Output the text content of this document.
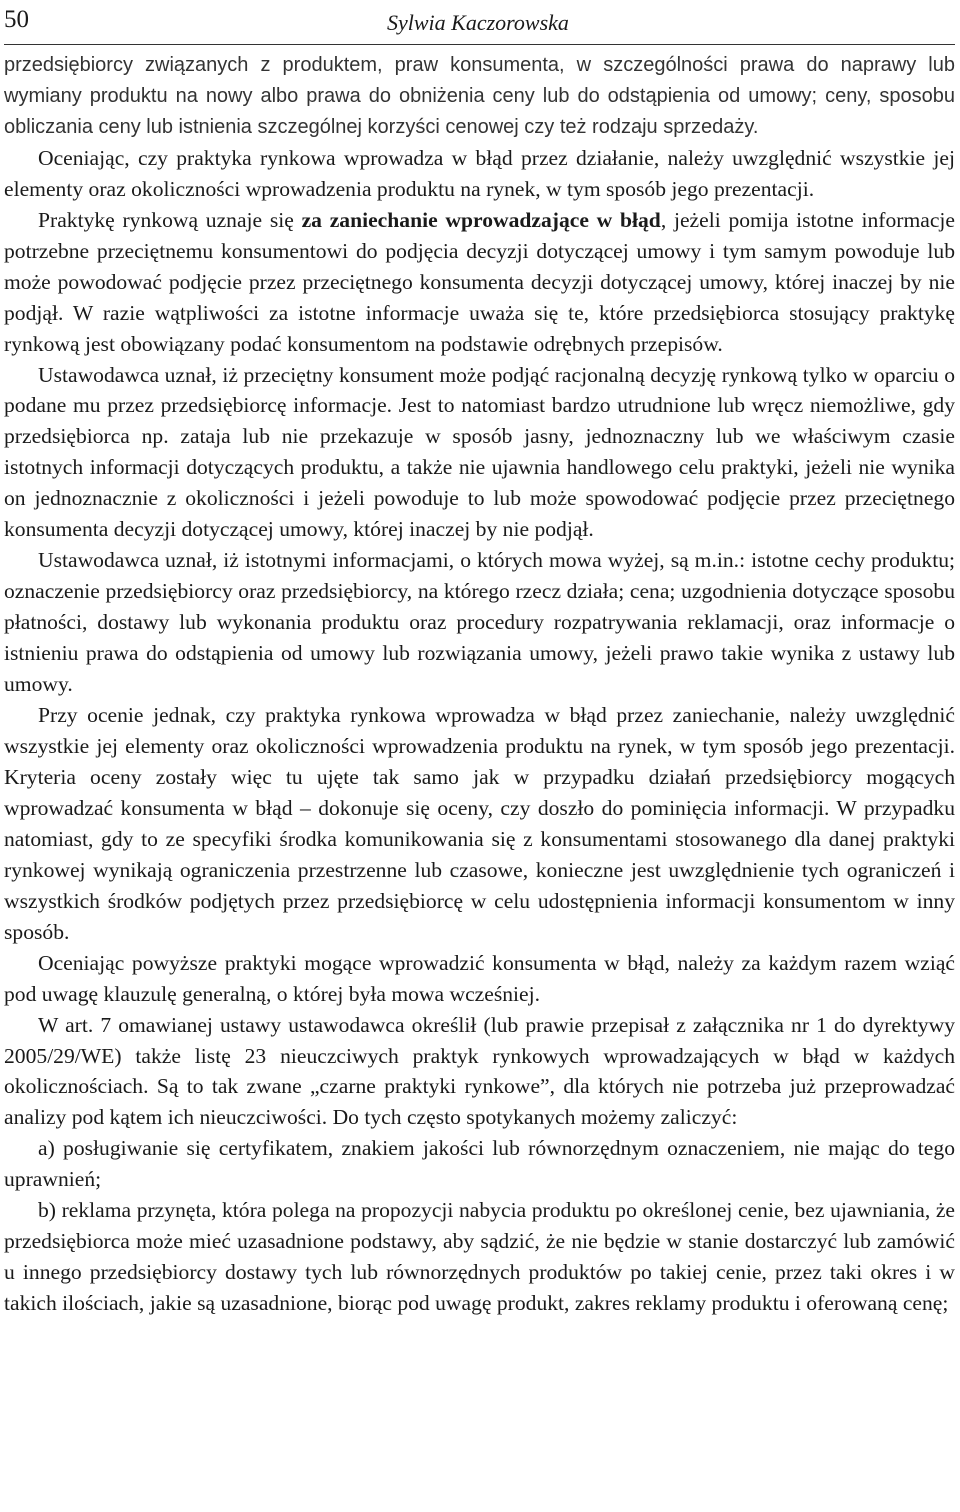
50	Sylwia Kaczorowska

przedsiębiorcy związanych z produktem, praw konsumenta, w szczególności prawa do naprawy lub wymiany produktu na nowy albo prawa do obniżenia ceny lub do odstąpienia od umowy; ceny, sposobu obliczania ceny lub istnienia szczególnej korzyści cenowej czy też rodzaju sprzedaży.

Oceniając, czy praktyka rynkowa wprowadza w błąd przez działanie, należy uwzględnić wszystkie jej elementy oraz okoliczności wprowadzenia produktu na rynek, w tym sposób jego prezentacji.

Praktykę rynkową uznaje się za zaniechanie wprowadzające w błąd, jeżeli pomija istotne informacje potrzebne przeciętnemu konsumentowi do podjęcia decyzji dotyczącej umowy i tym samym powoduje lub może powodować podjęcie przez przeciętnego konsumenta decyzji dotyczącej umowy, której inaczej by nie podjął. W razie wątpliwości za istotne informacje uważa się te, które przedsiębiorca stosujący praktykę rynkową jest obowiązany podać konsumentom na podstawie odrębnych przepisów.

Ustawodawca uznał, iż przeciętny konsument może podjąć racjonalną decyzję rynkową tylko w oparciu o podane mu przez przedsiębiorcę informacje. Jest to natomiast bardzo utrudnione lub wręcz niemożliwe, gdy przedsiębiorca np. zataja lub nie przekazuje w sposób jasny, jednoznaczny lub we właściwym czasie istotnych informacji dotyczących produktu, a także nie ujawnia handlowego celu praktyki, jeżeli nie wynika on jednoznacznie z okoliczności i jeżeli powoduje to lub może spowodować podjęcie przez przeciętnego konsumenta decyzji dotyczącej umowy, której inaczej by nie podjął.

Ustawodawca uznał, iż istotnymi informacjami, o których mowa wyżej, są m.in.: istotne cechy produktu; oznaczenie przedsiębiorcy oraz przedsiębiorcy, na którego rzecz działa; cena; uzgodnienia dotyczące sposobu płatności, dostawy lub wykonania produktu oraz procedury rozpatrywania reklamacji, oraz informacje o istnieniu prawa do odstąpienia od umowy lub rozwiązania umowy, jeżeli prawo takie wynika z ustawy lub umowy.

Przy ocenie jednak, czy praktyka rynkowa wprowadza w błąd przez zaniechanie, należy uwzględnić wszystkie jej elementy oraz okoliczności wprowadzenia produktu na rynek, w tym sposób jego prezentacji. Kryteria oceny zostały więc tu ujęte tak samo jak w przypadku działań przedsiębiorcy mogących wprowadzać konsumenta w błąd – dokonuje się oceny, czy doszło do pominięcia informacji. W przypadku natomiast, gdy to ze specyfiki środka komunikowania się z konsumentami stosowanego dla danej praktyki rynkowej wynikają ograniczenia przestrzenne lub czasowe, konieczne jest uwzględnienie tych ograniczeń i wszystkich środków podjętych przez przedsiębiorcę w celu udostępnienia informacji konsumentom w inny sposób.

Oceniając powyższe praktyki mogące wprowadzić konsumenta w błąd, należy za każdym razem wziąć pod uwagę klauzulę generalną, o której była mowa wcześniej.

W art. 7 omawianej ustawy ustawodawca określił (lub prawie przepisał z załącznika nr 1 do dyrektywy 2005/29/WE) także listę 23 nieuczciwych praktyk rynkowych wprowadzających w błąd w każdych okolicznościach. Są to tak zwane „czarne praktyki rynkowe”, dla których nie potrzeba już przeprowadzać analizy pod kątem ich nieuczciwości. Do tych często spotykanych możemy zaliczyć:

a) posługiwanie się certyfikatem, znakiem jakości lub równorzędnym oznaczeniem, nie mając do tego uprawnień;

b) reklama przynęta, która polega na propozycji nabycia produktu po określonej cenie, bez ujawniania, że przedsiębiorca może mieć uzasadnione podstawy, aby sądzić, że nie będzie w stanie dostarczyć lub zamówić u innego przedsiębiorcy dostawy tych lub równorzędnych produktów po takiej cenie, przez taki okres i w takich ilościach, jakie są uzasadnione, biorąc pod uwagę produkt, zakres reklamy produktu i oferowaną cenę;
